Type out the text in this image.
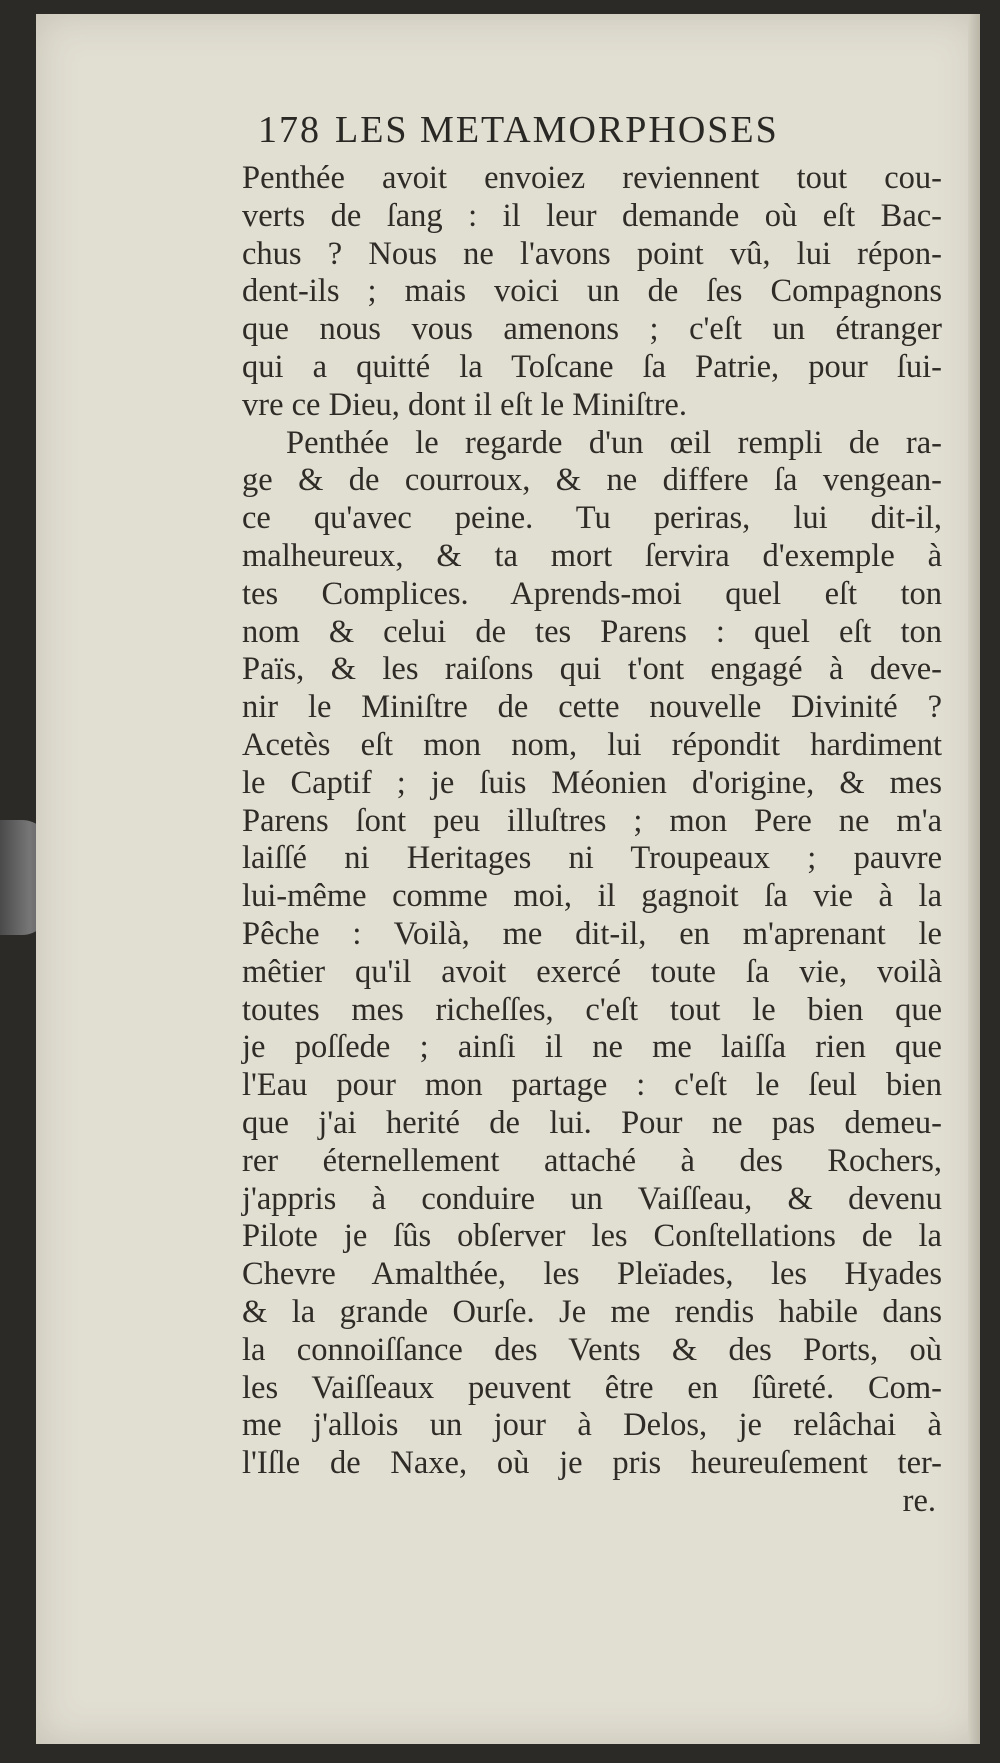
178 LES METAMORPHOSES
Penthée avoit envoiez reviennent tout cou-
verts de ſang : il leur demande où eſt Bac-
chus ? Nous ne l'avons point vû, lui répon-
dent-ils ; mais voici un de ſes Compagnons
que nous vous amenons ; c'eſt un étranger
qui a quitté la Toſcane ſa Patrie, pour ſui-
vre ce Dieu, dont il eſt le Miniſtre.
Penthée le regarde d'un œil rempli de ra-
ge & de courroux, & ne differe ſa vengean-
ce qu'avec peine. Tu periras, lui dit-il,
malheureux, & ta mort ſervira d'exemple à
tes Complices. Aprends-moi quel eſt ton
nom & celui de tes Parens : quel eſt ton
Païs, & les raiſons qui t'ont engagé à deve-
nir le Miniſtre de cette nouvelle Divinité ?
Acetès eſt mon nom, lui répondit hardiment
le Captif ; je ſuis Méonien d'origine, & mes
Parens ſont peu illuſtres ; mon Pere ne m'a
laiſſé ni Heritages ni Troupeaux ; pauvre
lui-même comme moi, il gagnoit ſa vie à la
Pêche : Voilà, me dit-il, en m'aprenant le
mêtier qu'il avoit exercé toute ſa vie, voilà
toutes mes richeſſes, c'eſt tout le bien que
je poſſede ; ainſi il ne me laiſſa rien que
l'Eau pour mon partage : c'eſt le ſeul bien
que j'ai herité de lui. Pour ne pas demeu-
rer éternellement attaché à des Rochers,
j'appris à conduire un Vaiſſeau, & devenu
Pilote je ſûs obſerver les Conſtellations de la
Chevre Amalthée, les Pleïades, les Hyades
& la grande Ourſe. Je me rendis habile dans
la connoiſſance des Vents & des Ports, où
les Vaiſſeaux peuvent être en ſûreté. Com-
me j'allois un jour à Delos, je relâchai à
l'Iſle de Naxe, où je pris heureuſement ter-
re.
